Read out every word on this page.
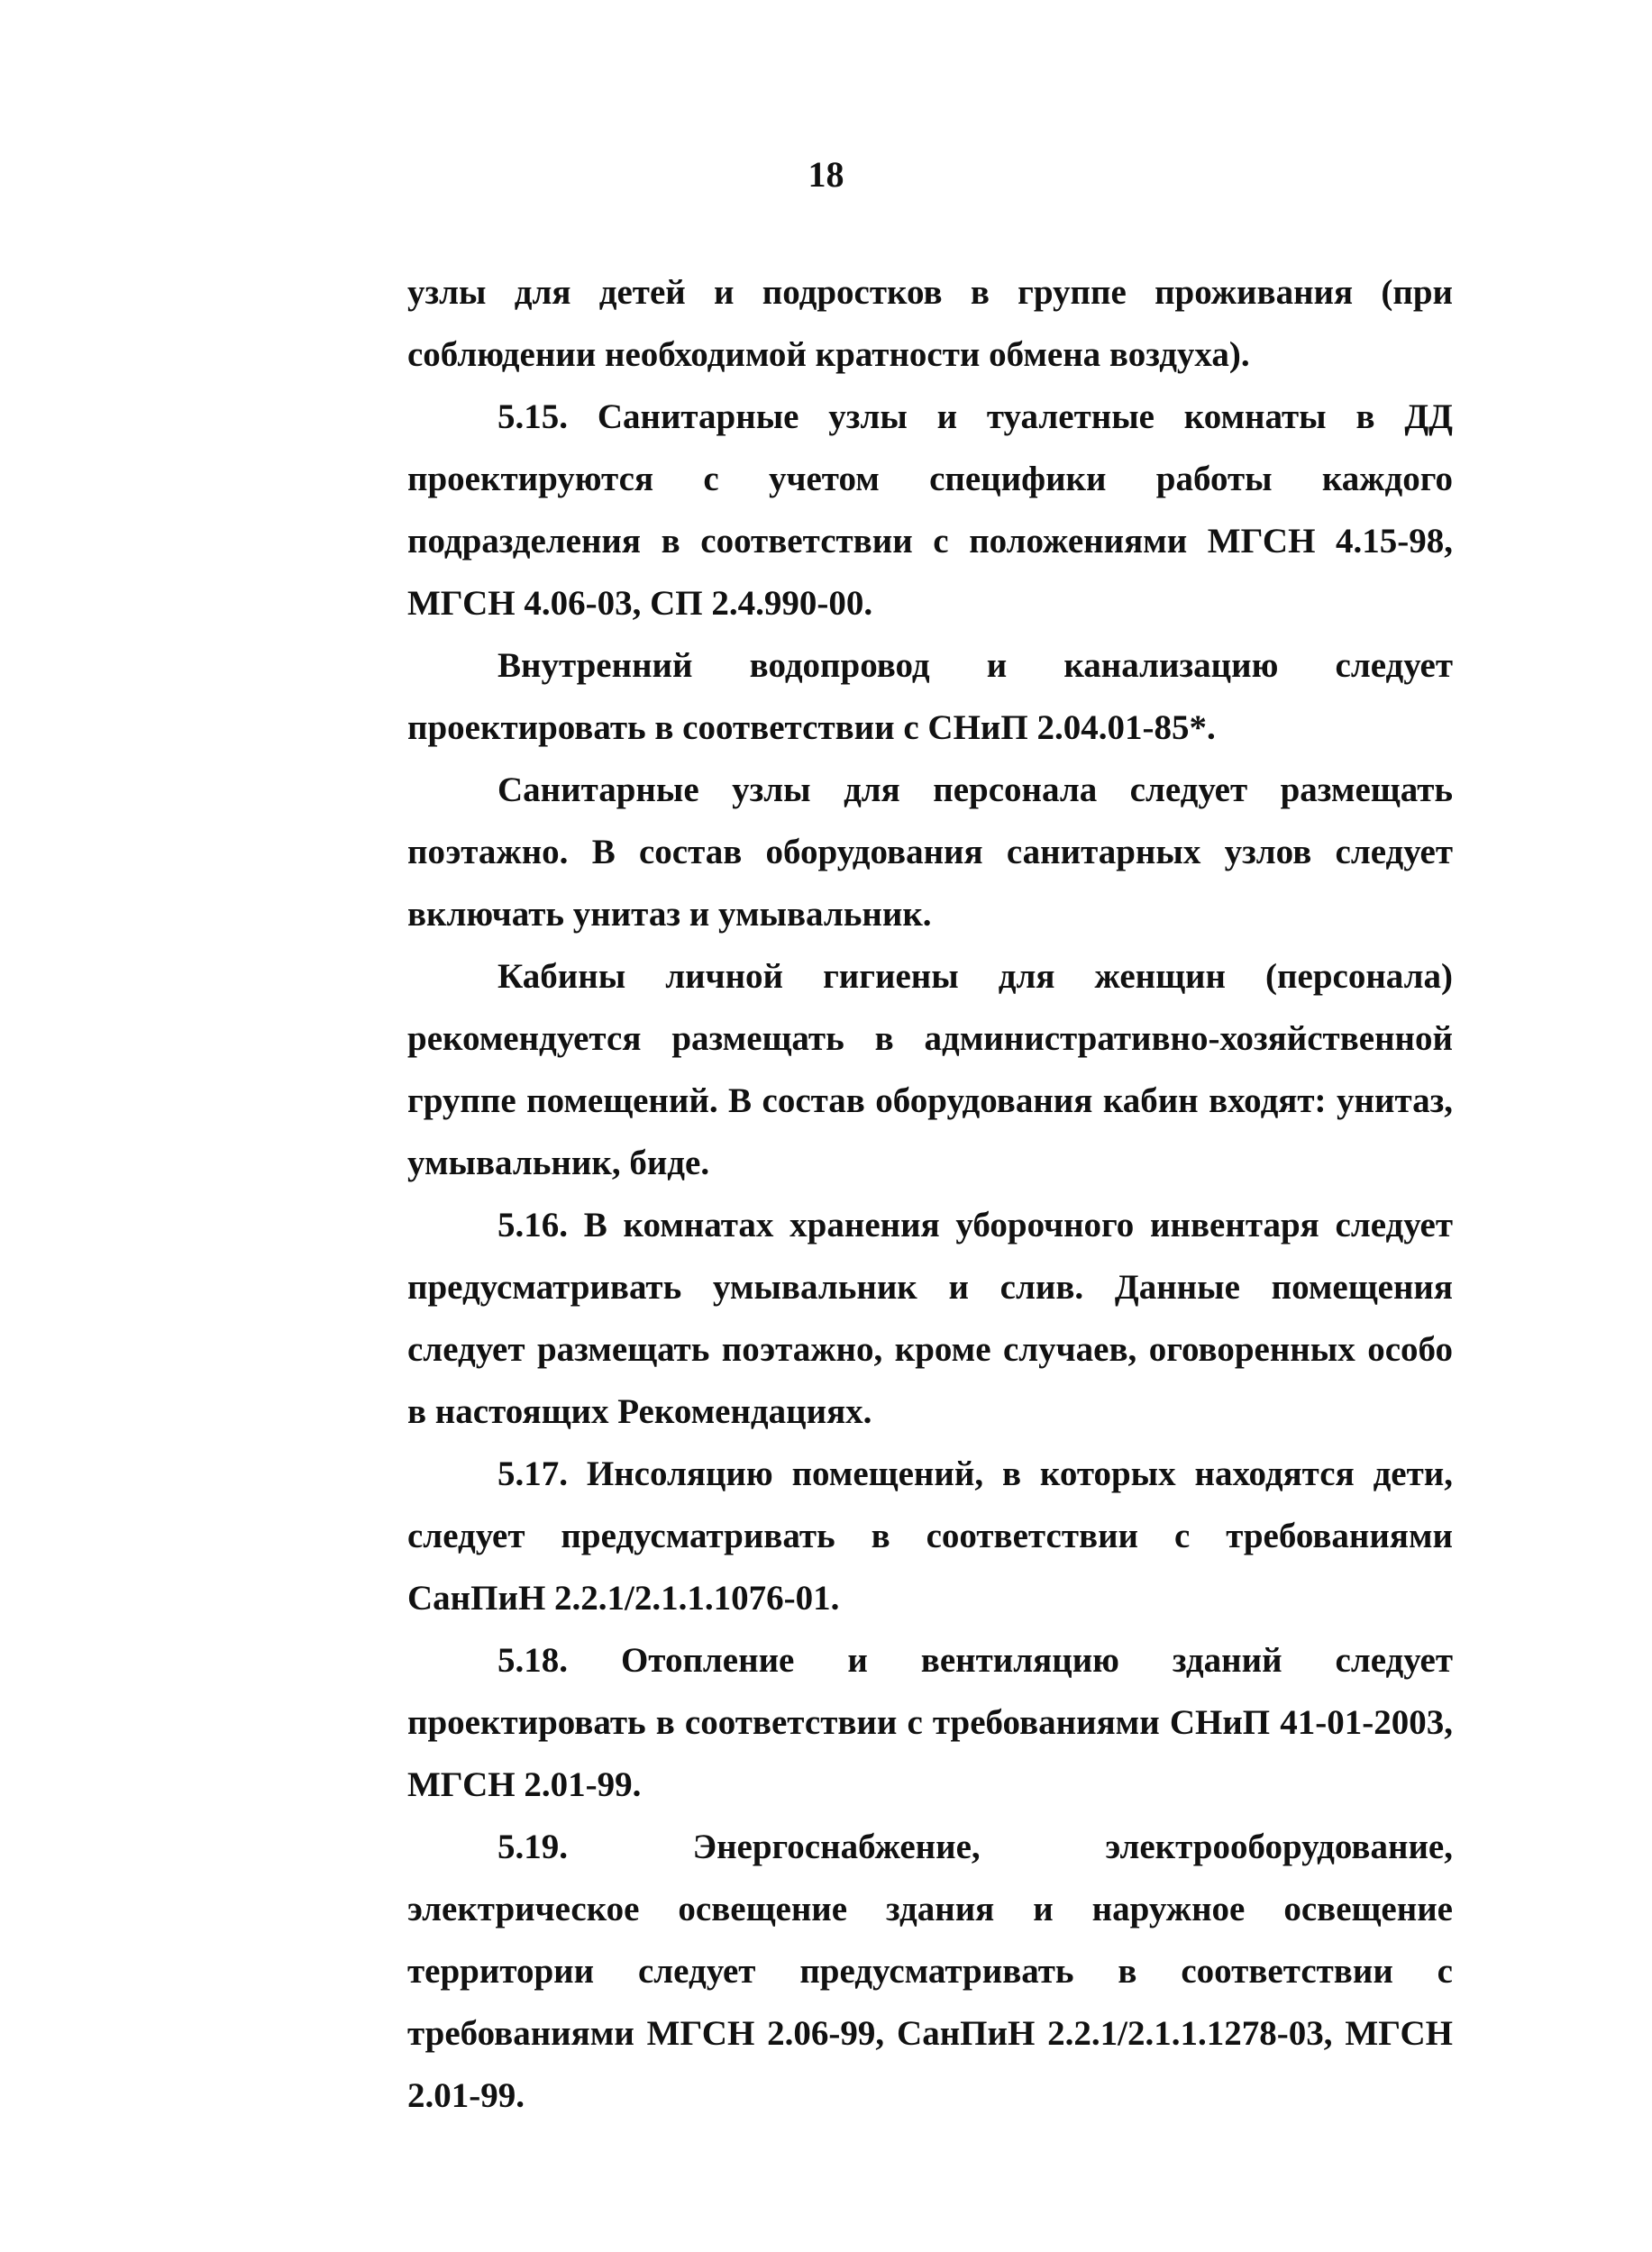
18

узлы для детей и подростков в группе проживания (при соблюдении необходимой кратности обмена воздуха).

5.15. Санитарные узлы и туалетные комнаты в ДД проектируются с учетом специфики работы каждого подразделения в соответствии с положениями МГСН 4.15-98, МГСН 4.06-03, СП 2.4.990-00.

Внутренний водопровод и канализацию следует проектировать в соответствии с СНиП 2.04.01-85*.

Санитарные узлы для персонала следует размещать поэтажно. В состав оборудования санитарных узлов следует включать унитаз и умывальник.

Кабины личной гигиены для женщин (персонала) рекомендуется размещать в административно-хозяйственной группе помещений. В состав оборудования кабин входят: унитаз, умывальник, биде.

5.16. В комнатах хранения уборочного инвентаря следует предусматривать умывальник и слив. Данные помещения следует размещать поэтажно, кроме случаев, оговоренных особо в настоящих Рекомендациях.

5.17. Инсоляцию помещений, в которых находятся дети, следует предусматривать в соответствии с требованиями СанПиН 2.2.1/2.1.1.1076-01.

5.18. Отопление и вентиляцию зданий следует проектировать в соответствии с требованиями СНиП 41-01-2003, МГСН 2.01-99.

5.19. Энергоснабжение, электрооборудование, электрическое освещение здания и наружное освещение территории следует предусматривать в соответствии с требованиями МГСН 2.06-99, СанПиН 2.2.1/2.1.1.1278-03, МГСН 2.01-99.
